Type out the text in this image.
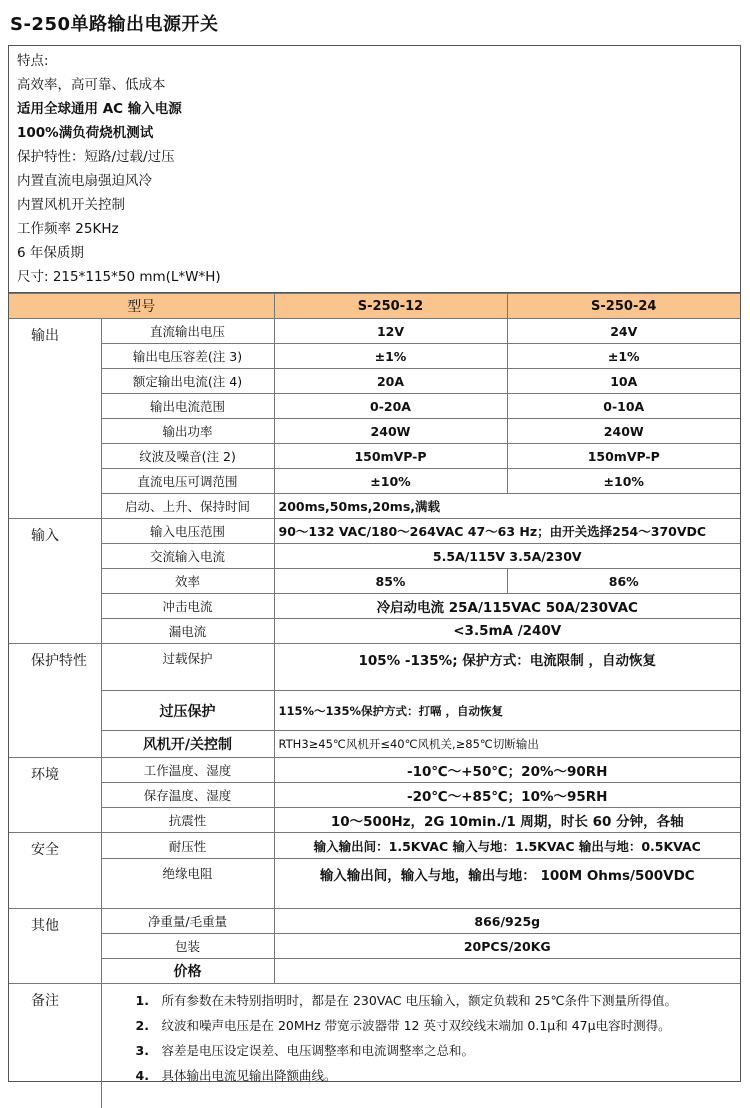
S-250单路输出电源开关
特点:
高效率，高可靠、低成本
适用全球通用 AC 输入电源
100%满负荷烧机测试
保护特性：短路/过载/过压
内置直流电扇强迫风冷
内置风机开关控制
工作频率 25KHz
6 年保质期
尺寸: 215*115*50 mm(L*W*H)
型号		S-250-12	S-250-24
输出	直流输出电压	12V	24V
	输出电压容差(注 3)	±1%	±1%
	额定输出电流(注 4)	20A	10A
	输出电流范围	0-20A	0-10A
	输出功率	240W	240W
	纹波及噪音(注 2)	150mVP-P	150mVP-P
	直流电压可调范围	±10%	±10%
	启动、上升、保持时间	200ms,50ms,20ms,满载	
输入	输入电压范围	90～132 VAC/180～264VAC 47～63 Hz；由开关选择254～370VDC	
	交流输入电流	5.5A/115V 3.5A/230V	
	效率	85%	86%
	冲击电流	冷启动电流 25A/115VAC 50A/230VAC	
	漏电流	<3.5mA /240V	
保护特性	过载保护	105% -135%; 保护方式：电流限制 ，自动恢复	
	过压保护	115%～135%保护方式：打嗝 ，自动恢复	
	风机开/关控制	RTH3≥45℃风机开≤40℃风机关,≥85℃切断输出	
环境	工作温度、湿度	-10℃～+50℃；20%～90RH	
	保存温度、湿度	-20℃～+85℃；10%～95RH	
	抗震性	10～500Hz，2G 10min./1 周期，时长 60 分钟，各轴	
安全	耐压性	输入输出间：1.5KVAC 输入与地：1.5KVAC 输出与地：0.5KVAC	
	绝缘电阻	输入输出间，输入与地，输出与地： 100M Ohms/500VDC	
其他	净重量/毛重量	866/925g	
	包装	20PCS/20KG	
	价格		
备注	1. 所有参数在未特别指明时，都是在 230VAC 电压输入，额定负载和 25℃条件下测量所得值。
2. 纹波和噪声电压是在 20MHz 带宽示波器带 12 英寸双绞线末端加 0.1μ和 47μ电容时测得。
3. 容差是电压设定误差、电压调整率和电流调整率之总和。
4. 具体输出电流见输出降额曲线。		
